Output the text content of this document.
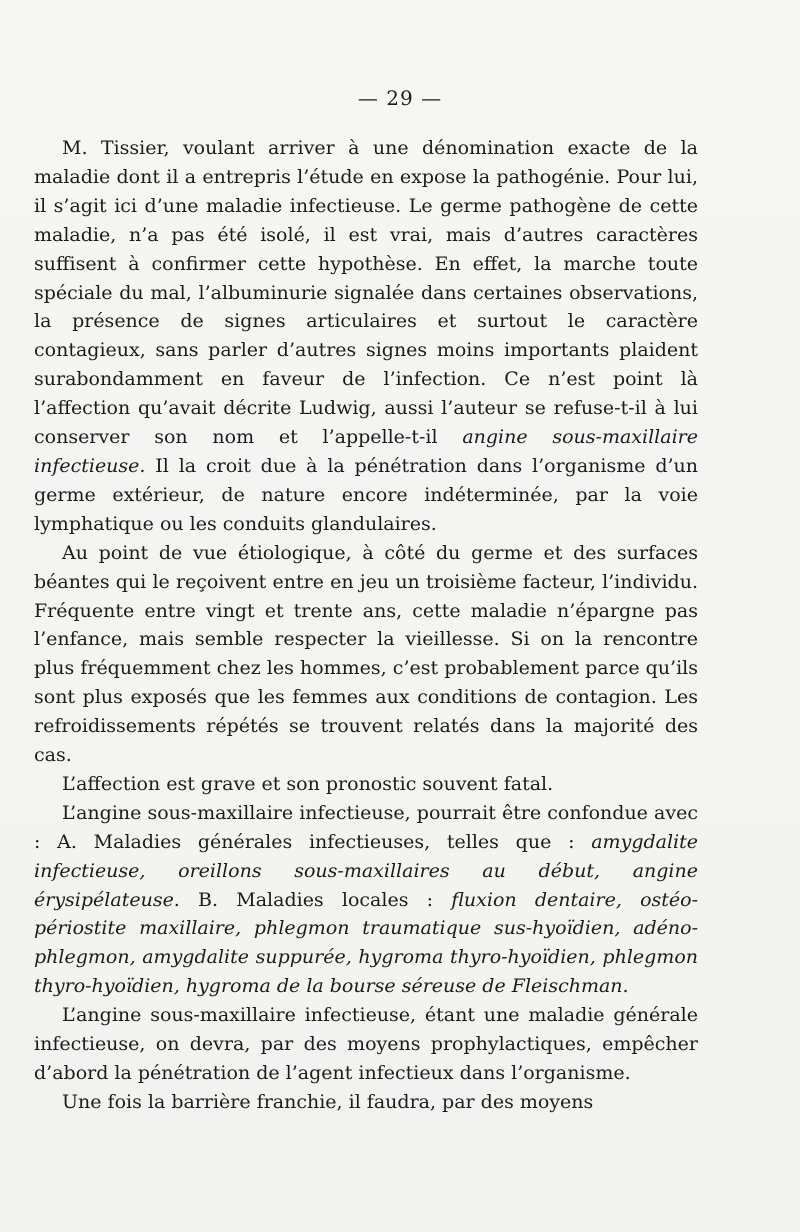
— 29 —

M. Tissier, voulant arriver à une dénomination exacte de la maladie dont il a entrepris l’étude en expose la pathogénie. Pour lui, il s’agit ici d’une maladie infectieuse. Le germe pathogène de cette maladie, n’a pas été isolé, il est vrai, mais d’autres caractères suffisent à confirmer cette hypothèse. En effet, la marche toute spéciale du mal, l’albuminurie signalée dans certaines observations, la présence de signes articulaires et surtout le caractère contagieux, sans parler d’autres signes moins importants plaident surabondamment en faveur de l’infection. Ce n’est point là l’affection qu’avait décrite Ludwig, aussi l’auteur se refuse-t-il à lui conserver son nom et l’appelle-t-il angine sous-maxillaire infectieuse. Il la croit due à la pénétration dans l’organisme d’un germe extérieur, de nature encore indéterminée, par la voie lymphatique ou les conduits glandulaires.

Au point de vue étiologique, à côté du germe et des surfaces béantes qui le reçoivent entre en jeu un troisième facteur, l’individu. Fréquente entre vingt et trente ans, cette maladie n’épargne pas l’enfance, mais semble respecter la vieillesse. Si on la rencontre plus fréquemment chez les hommes, c’est probablement parce qu’ils sont plus exposés que les femmes aux conditions de contagion. Les refroidissements répétés se trouvent relatés dans la majorité des cas.

L’affection est grave et son pronostic souvent fatal.

L’angine sous-maxillaire infectieuse, pourrait être confondue avec : A. Maladies générales infectieuses, telles que : amygdalite infectieuse, oreillons sous-maxillaires au début, angine érysipélateuse. B. Maladies locales : fluxion dentaire, ostéo-périostite maxillaire, phlegmon traumatique sus-hyoïdien, adéno-phlegmon, amygdalite suppurée, hygroma thyro-hyoïdien, phlegmon thyro-hyoïdien, hygroma de la bourse séreuse de Fleischman.

L’angine sous-maxillaire infectieuse, étant une maladie générale infectieuse, on devra, par des moyens prophylactiques, empêcher d’abord la pénétration de l’agent infectieux dans l’organisme.

Une fois la barrière franchie, il faudra, par des moyens
